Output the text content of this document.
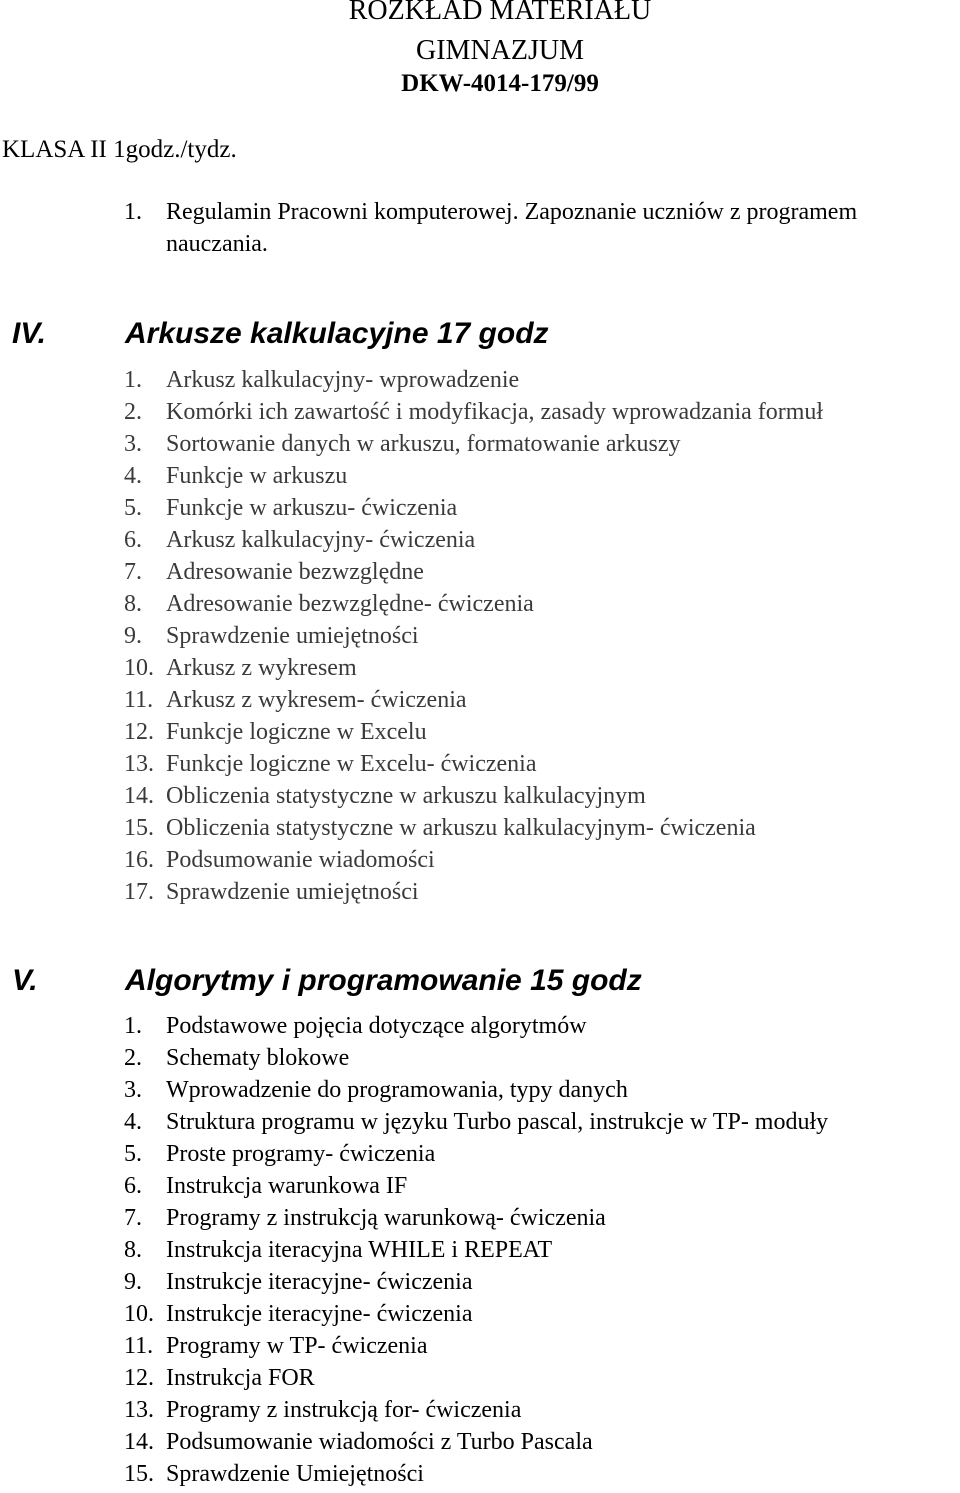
ROZKŁAD MATERIAŁU
GIMNAZJUM
DKW-4014-179/99
KLASA II 1godz./tydz.
1.	Regulamin Pracowni komputerowej. Zapoznanie uczniów z programem
nauczania.
IV.	Arkusze kalkulacyjne 17 godz
1.	Arkusz kalkulacyjny- wprowadzenie
2.	Komórki ich zawartość i modyfikacja, zasady wprowadzania formuł
3.	Sortowanie danych w arkuszu, formatowanie arkuszy
4.	Funkcje w arkuszu
5.	Funkcje w arkuszu- ćwiczenia
6.	Arkusz kalkulacyjny- ćwiczenia
7.	Adresowanie bezwzględne
8.	Adresowanie bezwzględne- ćwiczenia
9.	Sprawdzenie umiejętności
10. Arkusz z wykresem
11. Arkusz z wykresem- ćwiczenia
12. Funkcje logiczne w Excelu
13. Funkcje logiczne w Excelu- ćwiczenia
14. Obliczenia statystyczne w arkuszu kalkulacyjnym
15. Obliczenia statystyczne w arkuszu kalkulacyjnym- ćwiczenia
16. Podsumowanie wiadomości
17. Sprawdzenie umiejętności
V.	Algorytmy i programowanie 15 godz
1.	Podstawowe pojęcia dotyczące algorytmów
2.	Schematy blokowe
3.	Wprowadzenie do programowania, typy danych
4.	Struktura programu w języku Turbo pascal, instrukcje w TP- moduły
5.	Proste programy- ćwiczenia
6.	Instrukcja warunkowa IF
7.	Programy z instrukcją warunkową- ćwiczenia
8.	Instrukcja iteracyjna WHILE i REPEAT
9.	Instrukcje iteracyjne- ćwiczenia
10. Instrukcje iteracyjne- ćwiczenia
11. Programy w TP- ćwiczenia
12. Instrukcja FOR
13. Programy z instrukcją for- ćwiczenia
14. Podsumowanie wiadomości z Turbo Pascala
15. Sprawdzenie Umiejętności
